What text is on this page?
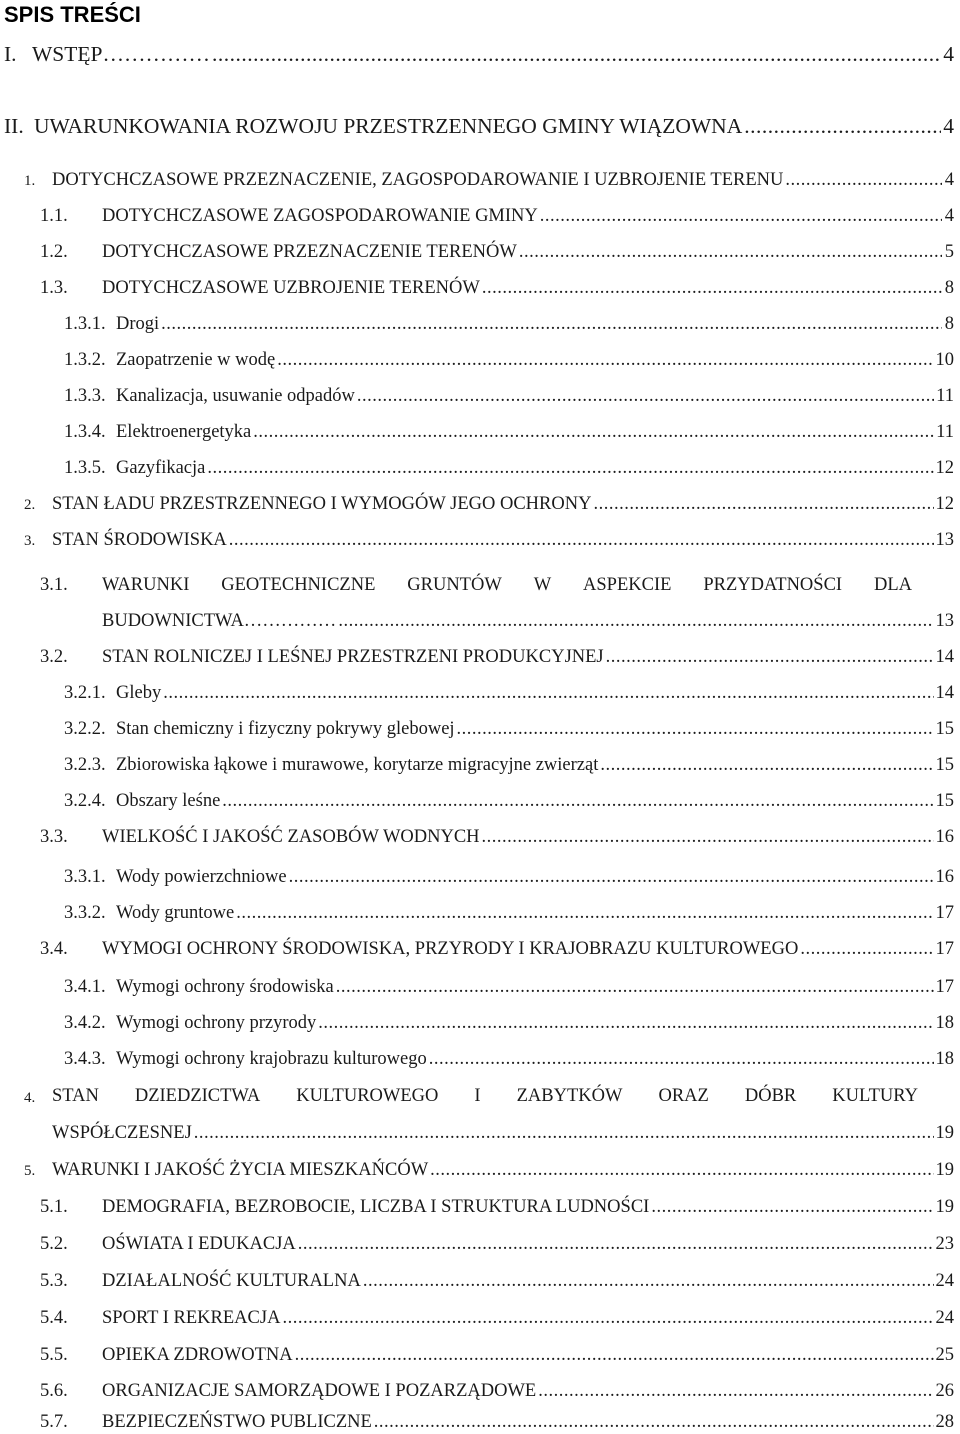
SPIS TREŚCI
I. WSTĘP…………… .....	4
II. UWARUNKOWANIA ROZWOJU PRZESTRZENNEGO GMINY WIĄZOWNA .....	4
1. DOTYCHCZASOWE PRZEZNACZENIE, ZAGOSPODAROWANIE I UZBROJENIE TERENU .....	4
1.1.	DOTYCHCZASOWE ZAGOSPODAROWANIE GMINY .....	4
1.2.	DOTYCHCZASOWE PRZEZNACZENIE TERENÓW .....	5
1.3.	DOTYCHCZASOWE UZBROJENIE TERENÓW .....	8
1.3.1. Drogi .....	8
1.3.2. Zaopatrzenie w wodę .....	10
1.3.3. Kanalizacja, usuwanie odpadów .....	11
1.3.4. Elektroenergetyka .....	11
1.3.5. Gazyfikacja .....	12
2. STAN ŁADU PRZESTRZENNEGO I WYMOGÓW JEGO OCHRONY .....	12
3. STAN ŚRODOWISKA .....	13
3.1. WARUNKI GEOTECHNICZNE GRUNTÓW W ASPEKCIE PRZYDATNOŚCI DLA
BUDOWNICTWA…………… .....	13
3.2.	STAN ROLNICZEJ I LEŚNEJ PRZESTRZENI PRODUKCYJNEJ .....	14
3.2.1. Gleby .....	14
3.2.2. Stan chemiczny i fizyczny pokrywy glebowej .....	15
3.2.3. Zbiorowiska łąkowe i murawowe, korytarze migracyjne zwierząt .....	15
3.2.4. Obszary leśne .....	15
3.3.	WIELKOŚĆ I JAKOŚĆ ZASOBÓW WODNYCH .....	16
3.3.1. Wody powierzchniowe .....	16
3.3.2. Wody gruntowe .....	17
3.4.	WYMOGI OCHRONY ŚRODOWISKA, PRZYRODY I KRAJOBRAZU KULTUROWEGO .....	17
3.4.1. Wymogi ochrony środowiska .....	17
3.4.2. Wymogi ochrony przyrody .....	18
3.4.3. Wymogi ochrony krajobrazu kulturowego .....	18
4. STAN DZIEDZICTWA KULTUROWEGO I ZABYTKÓW ORAZ DÓBR KULTURY
WSPÓŁCZESNEJ .....	19
5. WARUNKI I JAKOŚĆ ŻYCIA MIESZKAŃCÓW .....	19
5.1.	DEMOGRAFIA, BEZROBOCIE, LICZBA I STRUKTURA LUDNOŚCI .....	19
5.2.	OŚWIATA I EDUKACJA .....	23
5.3.	DZIAŁALNOŚĆ KULTURALNA .....	24
5.4.	SPORT I REKREACJA .....	24
5.5.	OPIEKA ZDROWOTNA .....	25
5.6.	ORGANIZACJE SAMORZĄDOWE I POZARZĄDOWE .....	26
5.7.	BEZPIECZEŃSTWO PUBLICZNE .....	28
